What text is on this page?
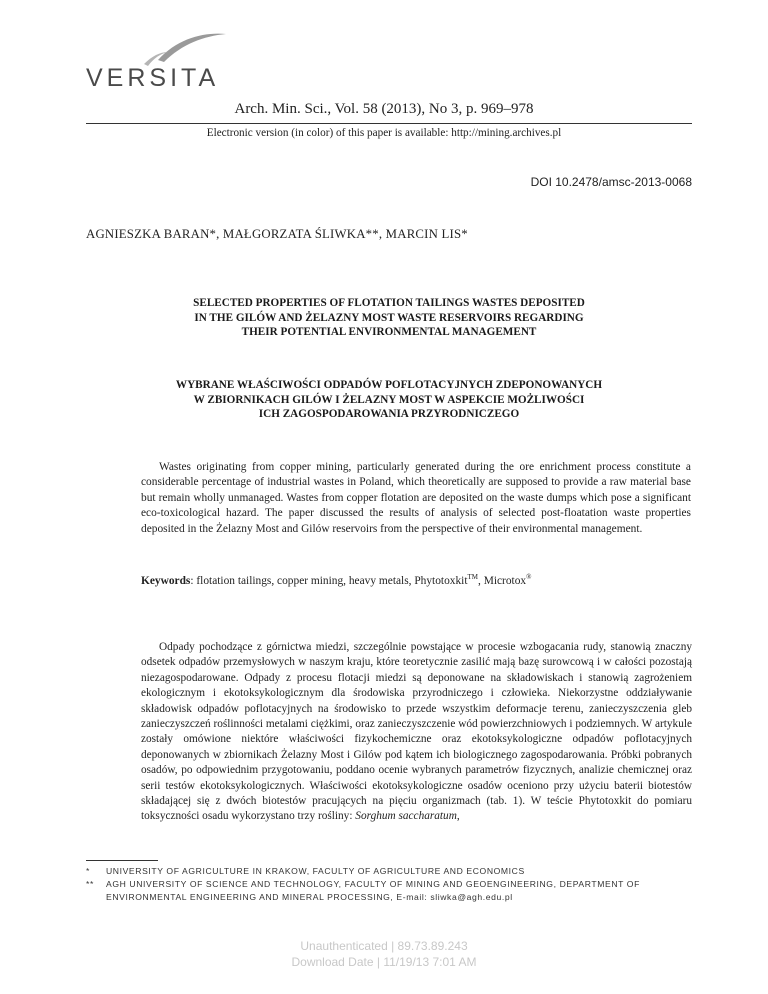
VERSITA
Arch. Min. Sci., Vol. 58 (2013), No 3, p. 969–978
Electronic version (in color) of this paper is available: http://mining.archives.pl
DOI 10.2478/amsc-2013-0068
AGNIESZKA BARAN*, MAŁGORZATA ŚLIWKA**, MARCIN LIS*
SELECTED PROPERTIES OF FLOTATION TAILINGS WASTES DEPOSITED
IN THE GILÓW AND ŻELAZNY MOST WASTE RESERVOIRS REGARDING
THEIR POTENTIAL ENVIRONMENTAL MANAGEMENT
WYBRANE WŁAŚCIWOŚCI ODPADÓW POFLOTACYJNYCH ZDEPONOWANYCH
W ZBIORNIKACH GILÓW I ŻELAZNY MOST W ASPEKCIE MOŻLIWOŚCI
ICH ZAGOSPODAROWANIA PRZYRODNICZEGO

Wastes originating from copper mining, particularly generated during the ore enrichment process constitute a considerable percentage of industrial wastes in Poland, which theoretically are supposed to provide a raw material base but remain wholly unmanaged. Wastes from copper flotation are deposited on the waste dumps which pose a significant eco-toxicological hazard. The paper discussed the results of analysis of selected post-floatation waste properties deposited in the Żelazny Most and Gilów reservoirs from the perspective of their environmental management.

Keywords: flotation tailings, copper mining, heavy metals, Phytotoxkit™, Microtox®

Odpady pochodzące z górnictwa miedzi, szczególnie powstające w procesie wzbogacania rudy, stanowią znaczny odsetek odpadów przemysłowych w naszym kraju, które teoretycznie zasilić mają bazę surowcową i w całości pozostają niezagospodarowane. Odpady z procesu flotacji miedzi są deponowane na składowiskach i stanowią zagrożeniem ekologicznym i ekotoksykologicznym dla środowiska przyrodniczego i człowieka. Niekorzystne oddziaływanie składowisk odpadów poflotacyjnych na środowisko to przede wszystkim deformacje terenu, zanieczyszczenia gleb zanieczyszczeń roślinności metalami ciężkimi, oraz zanieczyszczenie wód powierzchniowych i podziemnych. W artykule zostały omówione niektóre właściwości fizykochemiczne oraz ekotoksykologiczne odpadów poflotacyjnych deponowanych w zbiornikach Żelazny Most i Gilów pod kątem ich biologicznego zagospodarowania. Próbki pobranych osadów, po odpowiednim przygotowaniu, poddano ocenie wybranych parametrów fizycznych, analizie chemicznej oraz serii testów ekotoksykologicznych. Właściwości ekotoksykologiczne osadów oceniono przy użyciu baterii biotestów składającej się z dwóch biotestów pracujących na pięciu organizmach (tab. 1). W teście Phytotoxkit do pomiaru toksyczności osadu wykorzystano trzy rośliny: Sorghum saccharatum,

*	UNIVERSITY OF AGRICULTURE IN KRAKOW, FACULTY OF AGRICULTURE AND ECONOMICS
**	AGH UNIVERSITY OF SCIENCE AND TECHNOLOGY, FACULTY OF MINING AND GEOENGINEERING, DEPARTMENT OF ENVIRONMENTAL ENGINEERING AND MINERAL PROCESSING, E-mail: sliwka@agh.edu.pl
Unauthenticated | 89.73.89.243
Download Date | 11/19/13 7:01 AM
